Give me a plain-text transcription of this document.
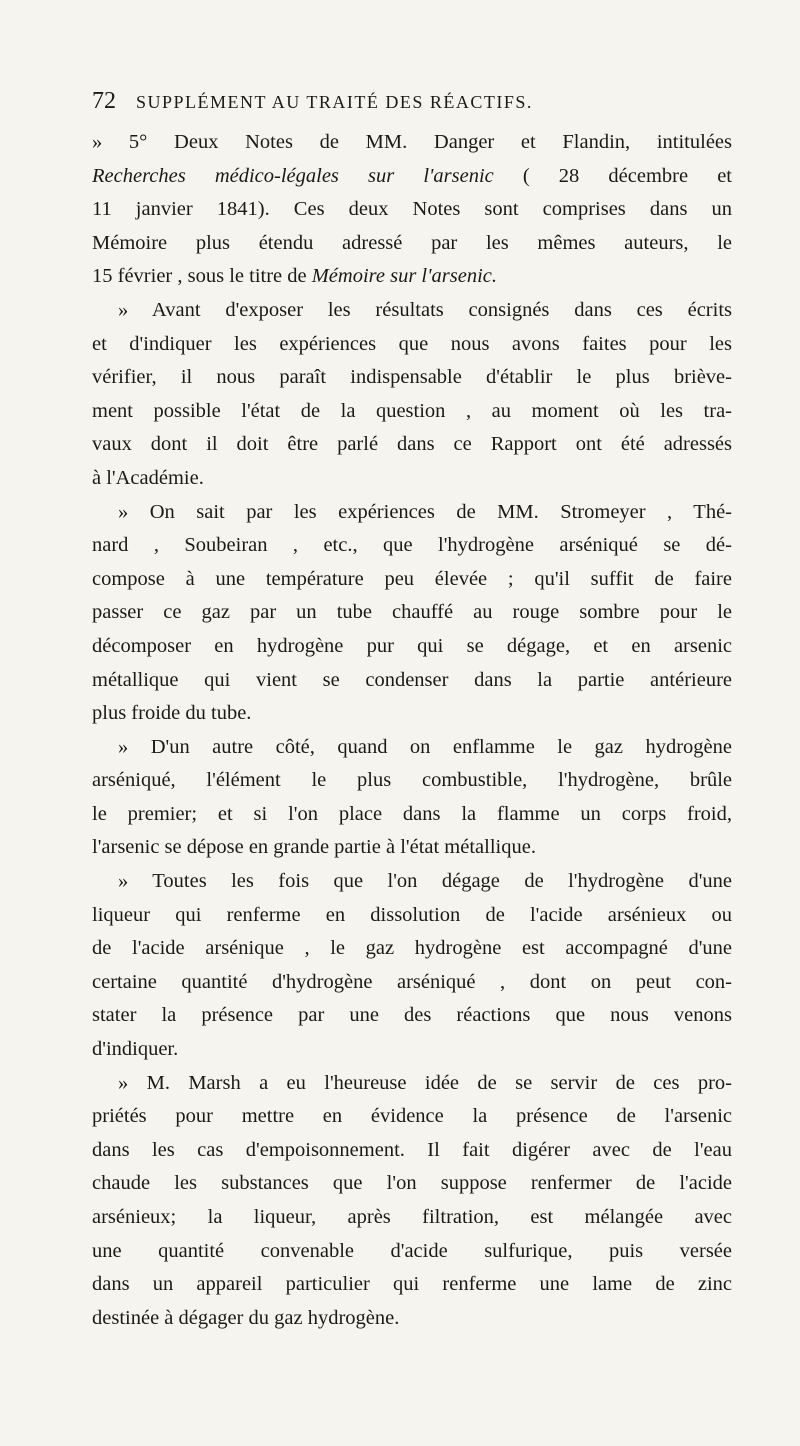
72 SUPPLÉMENT AU TRAITÉ DES RÉACTIFS.
» 5° Deux Notes de MM. Danger et Flandin, intitulées
Recherches médico-légales sur l'arsenic ( 28 décembre et
11 janvier 1841). Ces deux Notes sont comprises dans un
Mémoire plus étendu adressé par les mêmes auteurs, le
15 février , sous le titre de Mémoire sur l'arsenic.
» Avant d'exposer les résultats consignés dans ces écrits
et d'indiquer les expériences que nous avons faites pour les
vérifier, il nous paraît indispensable d'établir le plus briève-
ment possible l'état de la question , au moment où les tra-
vaux dont il doit être parlé dans ce Rapport ont été adressés
à l'Académie.
» On sait par les expériences de MM. Stromeyer , Thé-
nard , Soubeiran , etc., que l'hydrogène arséniqué se dé-
compose à une température peu élevée ; qu'il suffit de faire
passer ce gaz par un tube chauffé au rouge sombre pour le
décomposer en hydrogène pur qui se dégage, et en arsenic
métallique qui vient se condenser dans la partie antérieure
plus froide du tube.
» D'un autre côté, quand on enflamme le gaz hydrogène
arséniqué, l'élément le plus combustible, l'hydrogène, brûle
le premier; et si l'on place dans la flamme un corps froid,
l'arsenic se dépose en grande partie à l'état métallique.
» Toutes les fois que l'on dégage de l'hydrogène d'une
liqueur qui renferme en dissolution de l'acide arsénieux ou
de l'acide arsénique , le gaz hydrogène est accompagné d'une
certaine quantité d'hydrogène arséniqué , dont on peut con-
stater la présence par une des réactions que nous venons
d'indiquer.
» M. Marsh a eu l'heureuse idée de se servir de ces pro-
priétés pour mettre en évidence la présence de l'arsenic
dans les cas d'empoisonnement. Il fait digérer avec de l'eau
chaude les substances que l'on suppose renfermer de l'acide
arsénieux; la liqueur, après filtration, est mélangée avec
une quantité convenable d'acide sulfurique, puis versée
dans un appareil particulier qui renferme une lame de zinc
destinée à dégager du gaz hydrogène.
